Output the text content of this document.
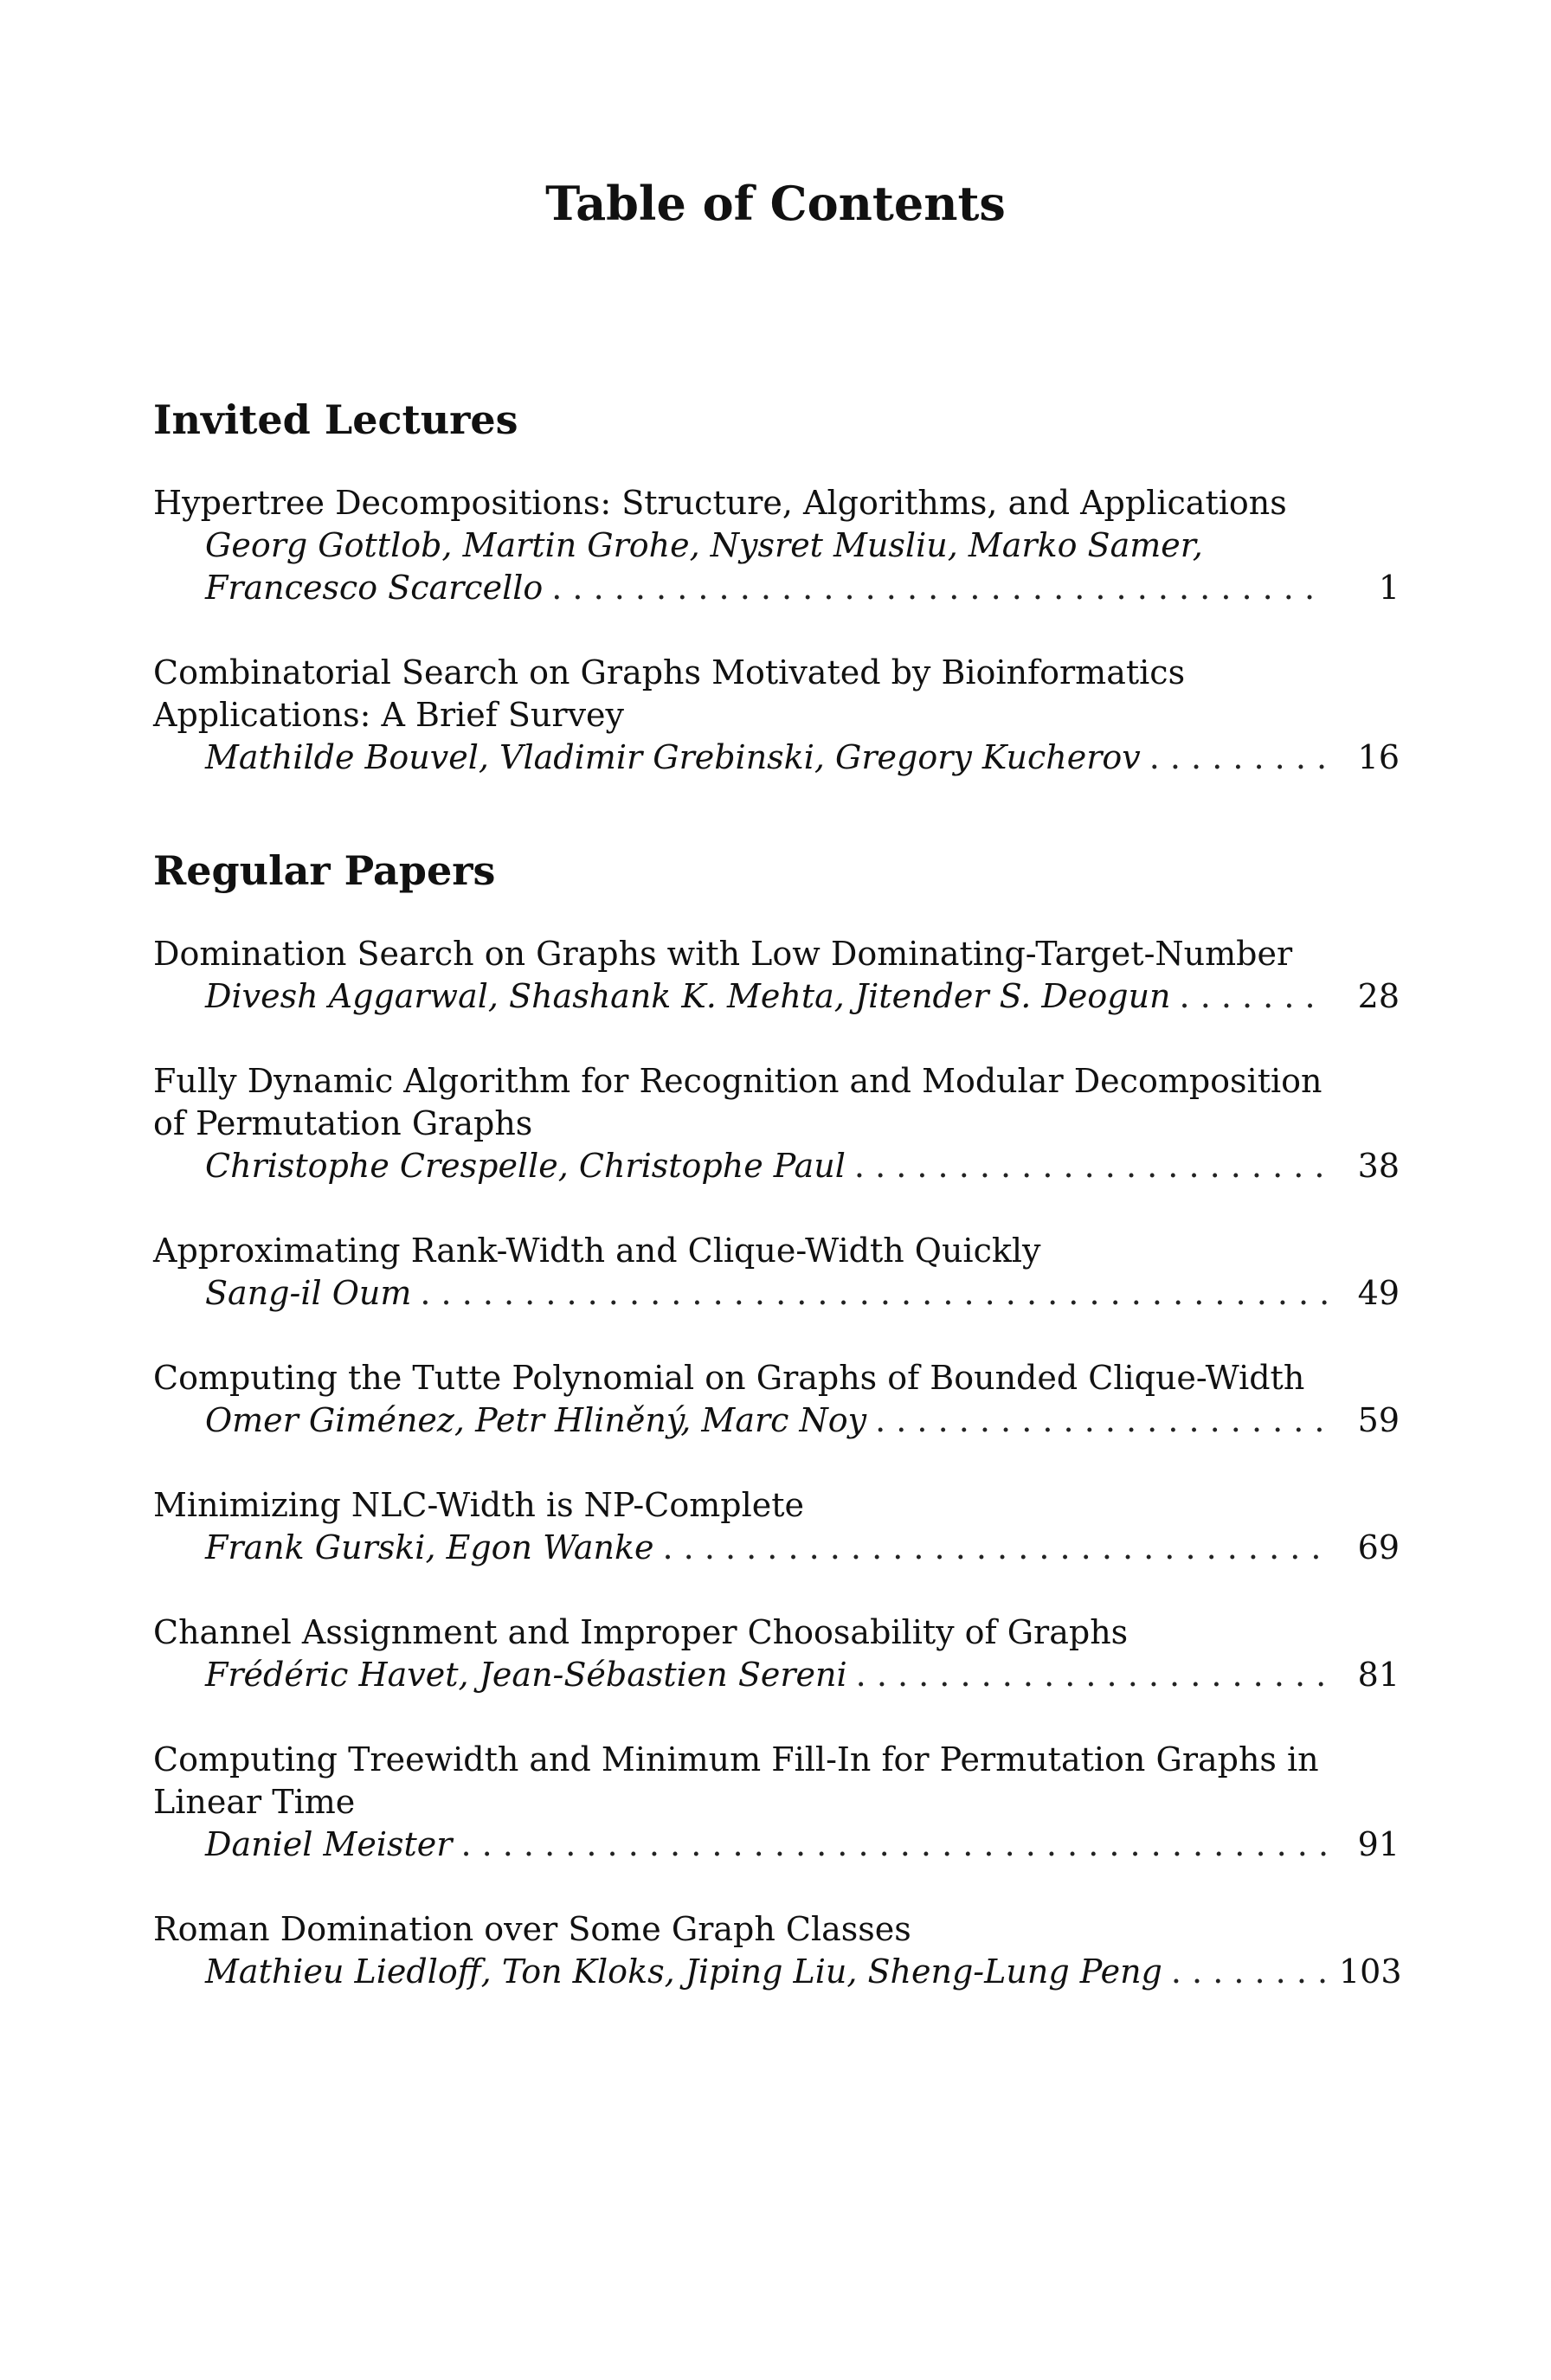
Table of Contents
Invited Lectures
Hypertree Decompositions: Structure, Algorithms, and Applications
Georg Gottlob, Martin Grohe, Nysret Musliu, Marko Samer,
Francesco Scarcello . . .	1
Combinatorial Search on Graphs Motivated by Bioinformatics Applications: A Brief Survey
Mathilde Bouvel, Vladimir Grebinski, Gregory Kucherov . . .	16
Regular Papers
Domination Search on Graphs with Low Dominating-Target-Number
Divesh Aggarwal, Shashank K. Mehta, Jitender S. Deogun . . .	28
Fully Dynamic Algorithm for Recognition and Modular Decomposition of Permutation Graphs
Christophe Crespelle, Christophe Paul . . .	38
Approximating Rank-Width and Clique-Width Quickly
Sang-il Oum . . .	49
Computing the Tutte Polynomial on Graphs of Bounded Clique-Width
Omer Giménez, Petr Hliněný, Marc Noy . . .	59
Minimizing NLC-Width is NP-Complete
Frank Gurski, Egon Wanke . . .	69
Channel Assignment and Improper Choosability of Graphs
Frédéric Havet, Jean-Sébastien Sereni . . .	81
Computing Treewidth and Minimum Fill-In for Permutation Graphs in Linear Time
Daniel Meister . . .	91
Roman Domination over Some Graph Classes
Mathieu Liedloff, Ton Kloks, Jiping Liu, Sheng-Lung Peng . . .	103
